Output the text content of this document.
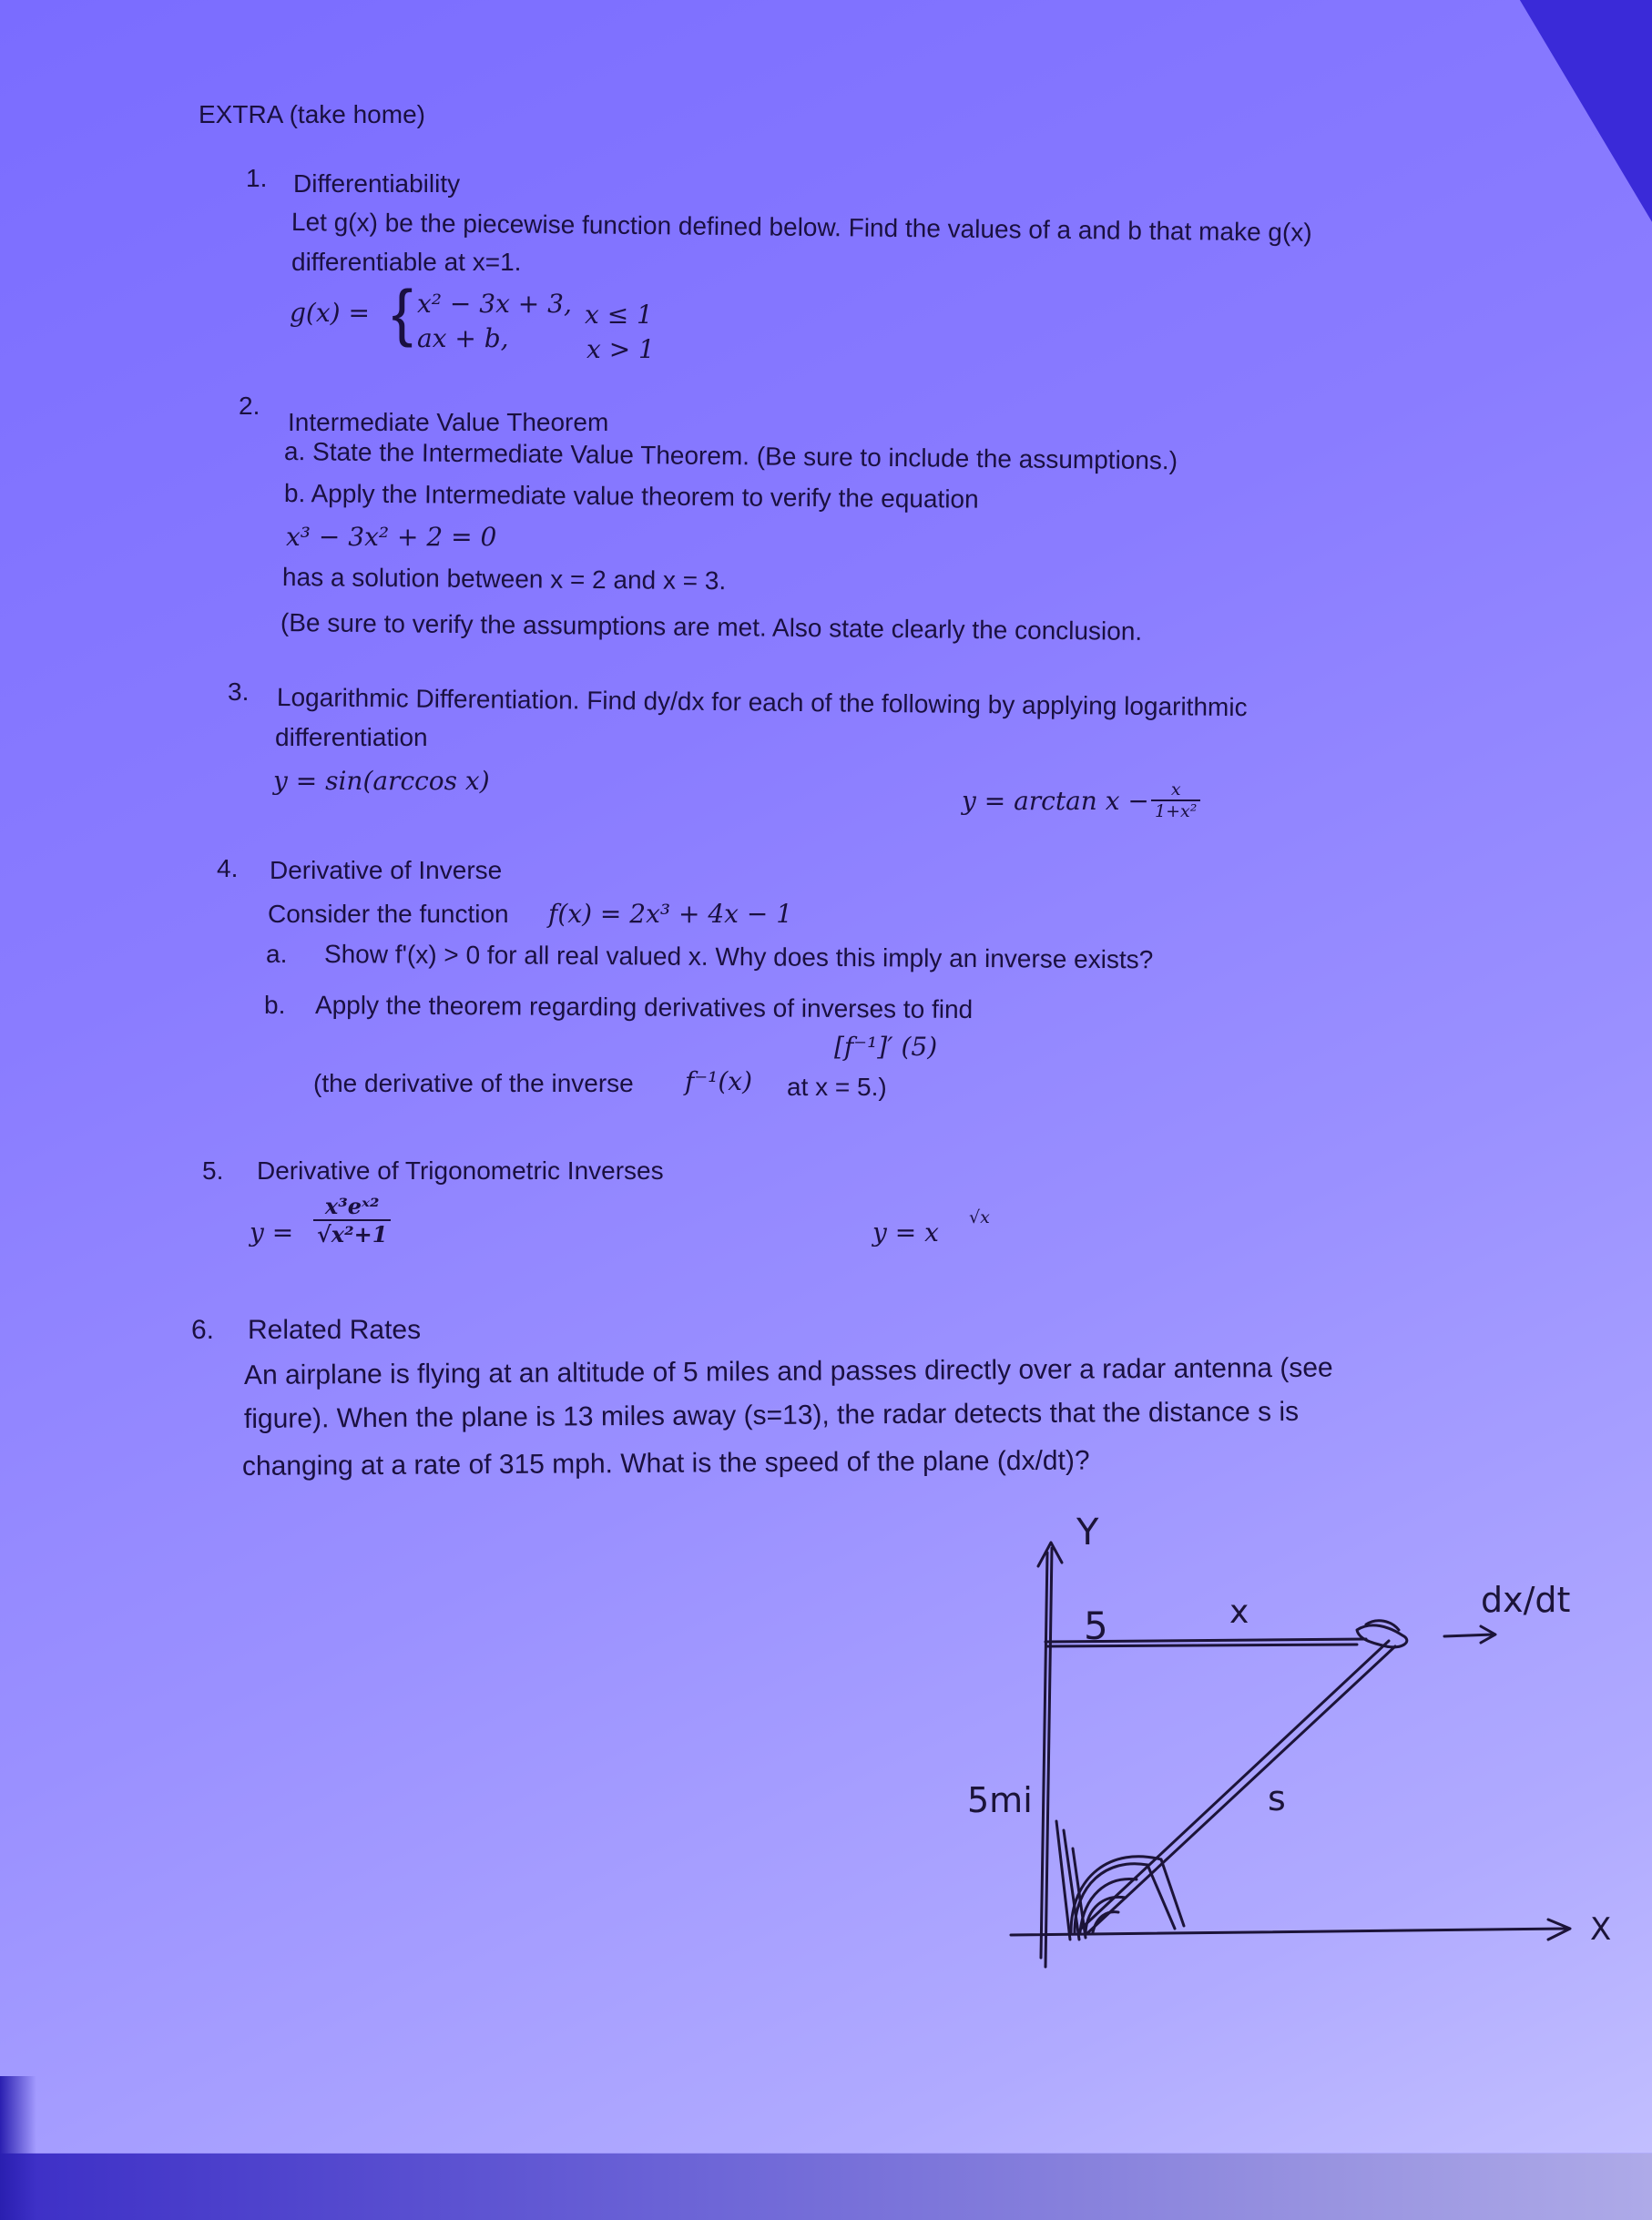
EXTRA (take home)
1. Differentiability
Let g(x) be the piecewise function defined below. Find the values of a and b that make g(x)
differentiable at x=1.
g(x) = { x² − 3x + 3, x ≤ 1
ax + b,	x > 1
2.
Intermediate Value Theorem
a. State the Intermediate Value Theorem. (Be sure to include the assumptions.)
b. Apply the Intermediate value theorem to verify the equation
x³ − 3x² + 2 = 0
has a solution between x = 2 and x = 3.
(Be sure to verify the assumptions are met. Also state clearly the conclusion.
3. Logarithmic Differentiation. Find dy/dx for each of the following by applying logarithmic
differentiation
y = sin(arccos x)
$y = \arctan x - \frac{x}{\text{1+x²}}$
4. Derivative of Inverse
Consider the function f(x) = 2x³ + 4x − 1
a. Show f'(x) > 0 for all real valued x. Why does this imply an inverse exists?
b. Apply the theorem regarding derivatives of inverses to find
[f⁻¹]′ (5)
(the derivative of the inverse f⁻¹(x) at x = 5.)
5. Derivative of Trigonometric Inverses
$y = \frac{\text{x³eˣ²}}{\text{√x²+1}}$	y = x √x
6. Related Rates
An airplane is flying at an altitude of 5 miles and passes directly over a radar antenna (see
figure). When the plane is 13 miles away (s=13), the radar detects that the distance s is
changing at a rate of 315 mph. What is the speed of the plane (dx/dt)?
Y
X
5	x
s
5mi
dx/dt
